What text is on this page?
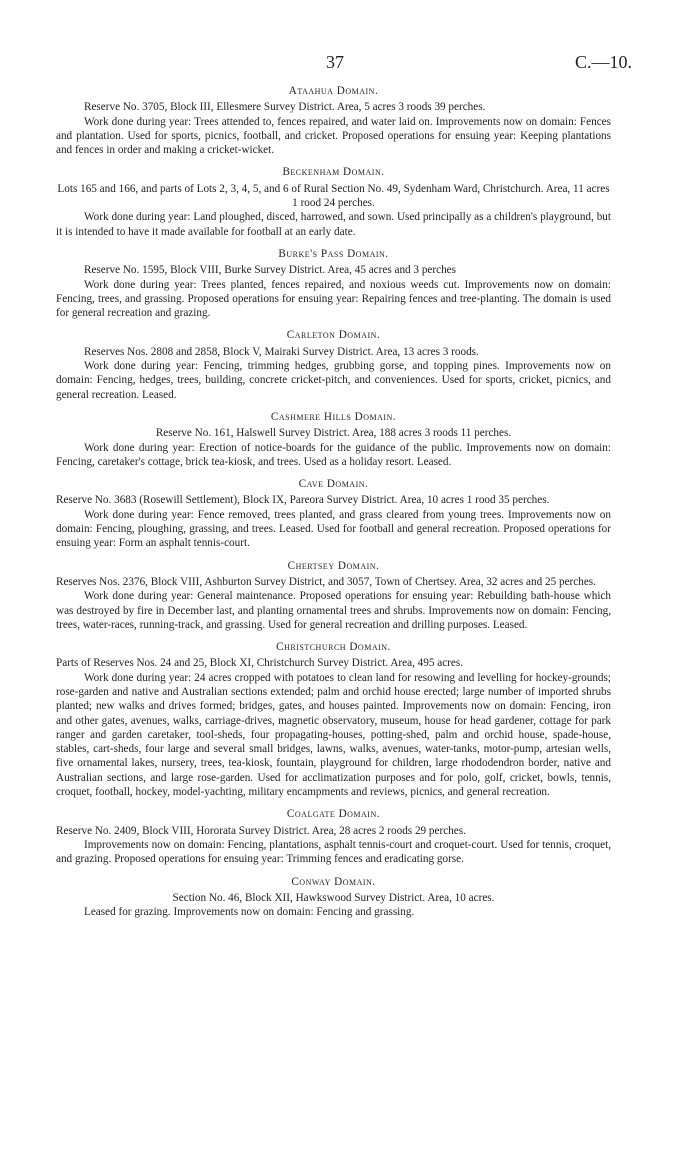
37	C.—10.
Ataahua Domain.

Reserve No. 3705, Block III, Ellesmere Survey District. Area, 5 acres 3 roods 39 perches.

Work done during year: Trees attended to, fences repaired, and water laid on. Improvements now on domain: Fences and plantation. Used for sports, picnics, football, and cricket. Proposed operations for ensuing year: Keeping plantations and fences in order and making a cricket-wicket.

Beckenham Domain.

Lots 165 and 166, and parts of Lots 2, 3, 4, 5, and 6 of Rural Section No. 49, Sydenham Ward, Christchurch. Area, 11 acres 1 rood 24 perches.

Work done during year: Land ploughed, disced, harrowed, and sown. Used principally as a children's playground, but it is intended to have it made available for football at an early date.

Burke's Pass Domain.

Reserve No. 1595, Block VIII, Burke Survey District. Area, 45 acres and 3 perches

Work done during year: Trees planted, fences repaired, and noxious weeds cut. Improvements now on domain: Fencing, trees, and grassing. Proposed operations for ensuing year: Repairing fences and tree-planting. The domain is used for general recreation and grazing.

Carleton Domain.

Reserves Nos. 2808 and 2858, Block V, Mairaki Survey District. Area, 13 acres 3 roods.

Work done during year: Fencing, trimming hedges, grubbing gorse, and topping pines. Improvements now on domain: Fencing, hedges, trees, building, concrete cricket-pitch, and conveniences. Used for sports, cricket, picnics, and general recreation. Leased.

Cashmere Hills Domain.

Reserve No. 161, Halswell Survey District. Area, 188 acres 3 roods 11 perches.

Work done during year: Erection of notice-boards for the guidance of the public. Improvements now on domain: Fencing, caretaker's cottage, brick tea-kiosk, and trees. Used as a holiday resort. Leased.

Cave Domain.

Reserve No. 3683 (Rosewill Settlement), Block IX, Pareora Survey District. Area, 10 acres 1 rood 35 perches.

Work done during year: Fence removed, trees planted, and grass cleared from young trees. Improvements now on domain: Fencing, ploughing, grassing, and trees. Leased. Used for football and general recreation. Proposed operations for ensuing year: Form an asphalt tennis-court.

Chertsey Domain.

Reserves Nos. 2376, Block VIII, Ashburton Survey District, and 3057, Town of Chertsey. Area, 32 acres and 25 perches.

Work done during year: General maintenance. Proposed operations for ensuing year: Rebuilding bath-house which was destroyed by fire in December last, and planting ornamental trees and shrubs. Improvements now on domain: Fencing, trees, water-races, running-track, and grassing. Used for general recreation and drilling purposes. Leased.

Christchurch Domain.

Parts of Reserves Nos. 24 and 25, Block XI, Christchurch Survey District. Area, 495 acres.

Work done during year: 24 acres cropped with potatoes to clean land for resowing and levelling for hockey-grounds; rose-garden and native and Australian sections extended; palm and orchid house erected; large number of imported shrubs planted; new walks and drives formed; bridges, gates, and houses painted. Improvements now on domain: Fencing, iron and other gates, avenues, walks, carriage-drives, magnetic observatory, museum, house for head gardener, cottage for park ranger and garden caretaker, tool-sheds, four propagating-houses, potting-shed, palm and orchid house, spade-house, stables, cart-sheds, four large and several small bridges, lawns, walks, avenues, water-tanks, motor-pump, artesian wells, five ornamental lakes, nursery, trees, tea-kiosk, fountain, playground for children, large rhododendron border, native and Australian sections, and large rose-garden. Used for acclimatization purposes and for polo, golf, cricket, bowls, tennis, croquet, football, hockey, model-yachting, military encampments and reviews, picnics, and general recreation.

Coalgate Domain.

Reserve No. 2409, Block VIII, Hororata Survey District. Area, 28 acres 2 roods 29 perches.

Improvements now on domain: Fencing, plantations, asphalt tennis-court and croquet-court. Used for tennis, croquet, and grazing. Proposed operations for ensuing year: Trimming fences and eradicating gorse.

Conway Domain.

Section No. 46, Block XII, Hawkswood Survey District. Area, 10 acres.

Leased for grazing. Improvements now on domain: Fencing and grassing.
